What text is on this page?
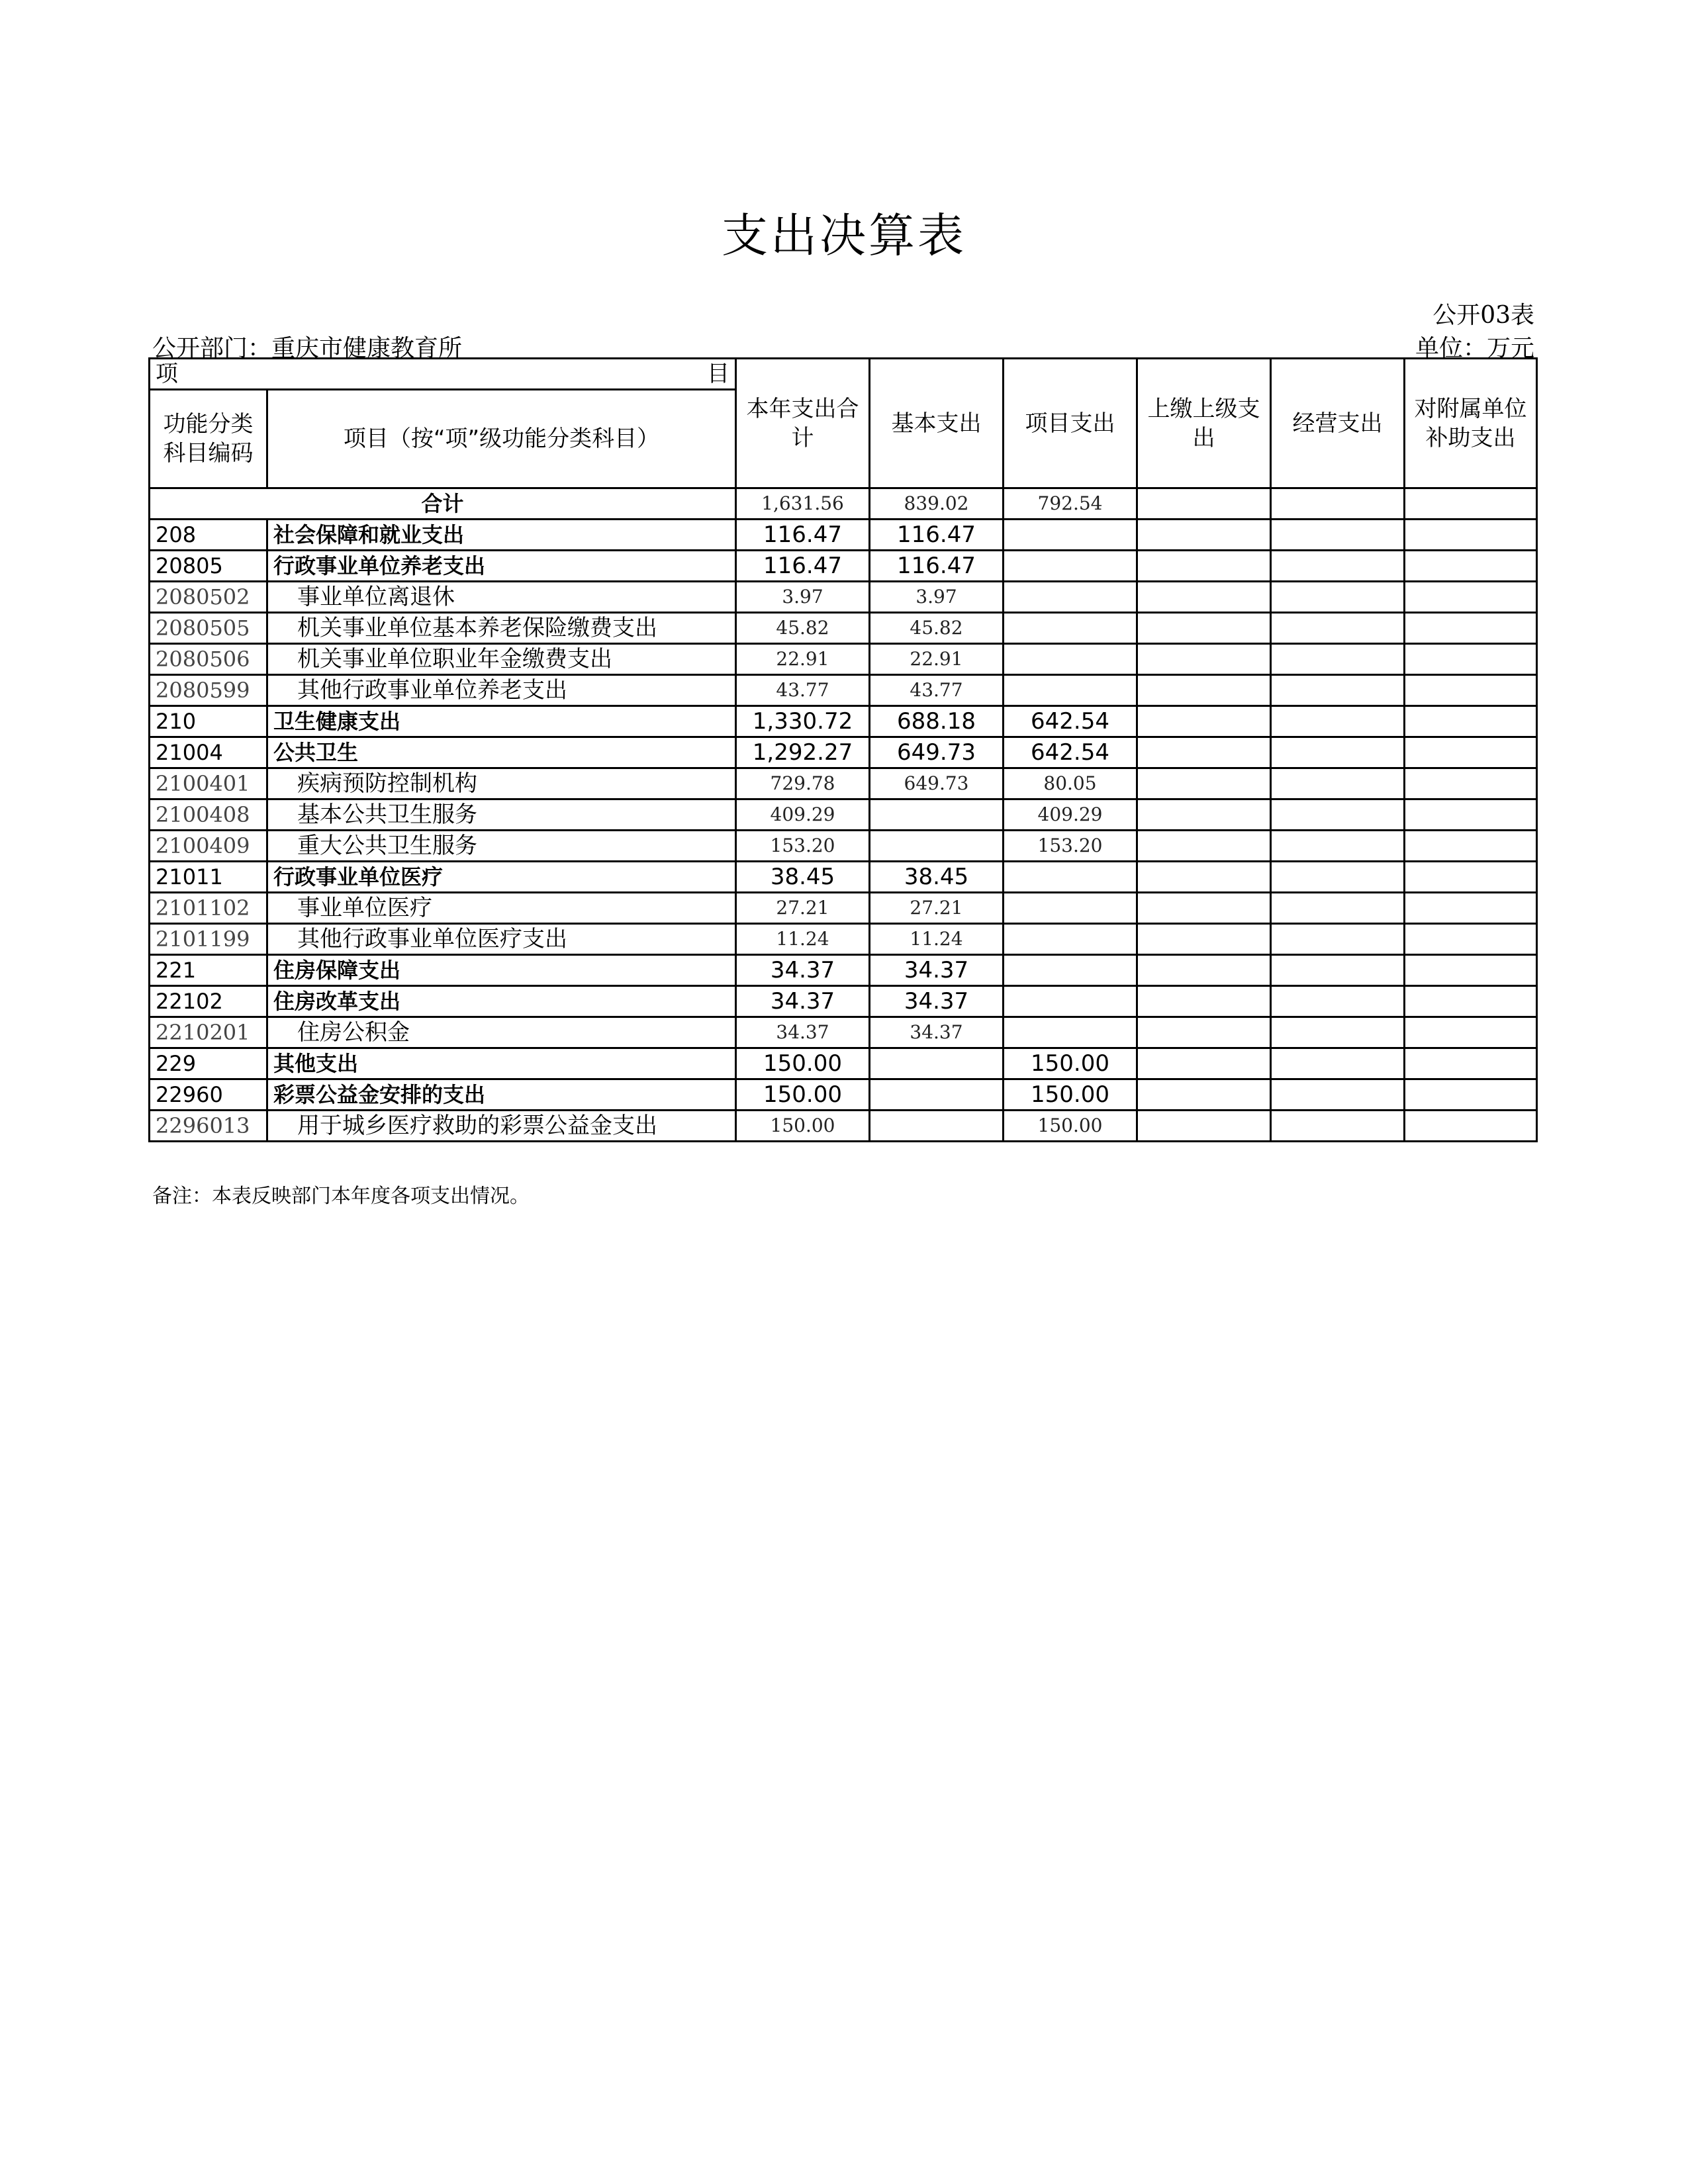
支出决算表
公开03表
公开部门：重庆市健康教育所	单位：万元
项 目		本年支出合计	基本支出	项目支出	上缴上级支出	经营支出	对附属单位补助支出
功能分类科目编码	项目（按“项”级功能分类科目）						
合计		1,631.56	839.02	792.54			
208	社会保障和就业支出	116.47	116.47				
20805	行政事业单位养老支出	116.47	116.47				
2080502	事业单位离退休	3.97	3.97				
2080505	机关事业单位基本养老保险缴费支出	45.82	45.82				
2080506	机关事业单位职业年金缴费支出	22.91	22.91				
2080599	其他行政事业单位养老支出	43.77	43.77				
210	卫生健康支出	1,330.72	688.18	642.54			
21004	公共卫生	1,292.27	649.73	642.54			
2100401	疾病预防控制机构	729.78	649.73	80.05			
2100408	基本公共卫生服务	409.29		409.29			
2100409	重大公共卫生服务	153.20		153.20			
21011	行政事业单位医疗	38.45	38.45				
2101102	事业单位医疗	27.21	27.21				
2101199	其他行政事业单位医疗支出	11.24	11.24				
221	住房保障支出	34.37	34.37				
22102	住房改革支出	34.37	34.37				
2210201	住房公积金	34.37	34.37				
229	其他支出	150.00		150.00			
22960	彩票公益金安排的支出	150.00		150.00			
2296013	用于城乡医疗救助的彩票公益金支出	150.00		150.00			
备注：本表反映部门本年度各项支出情况。
